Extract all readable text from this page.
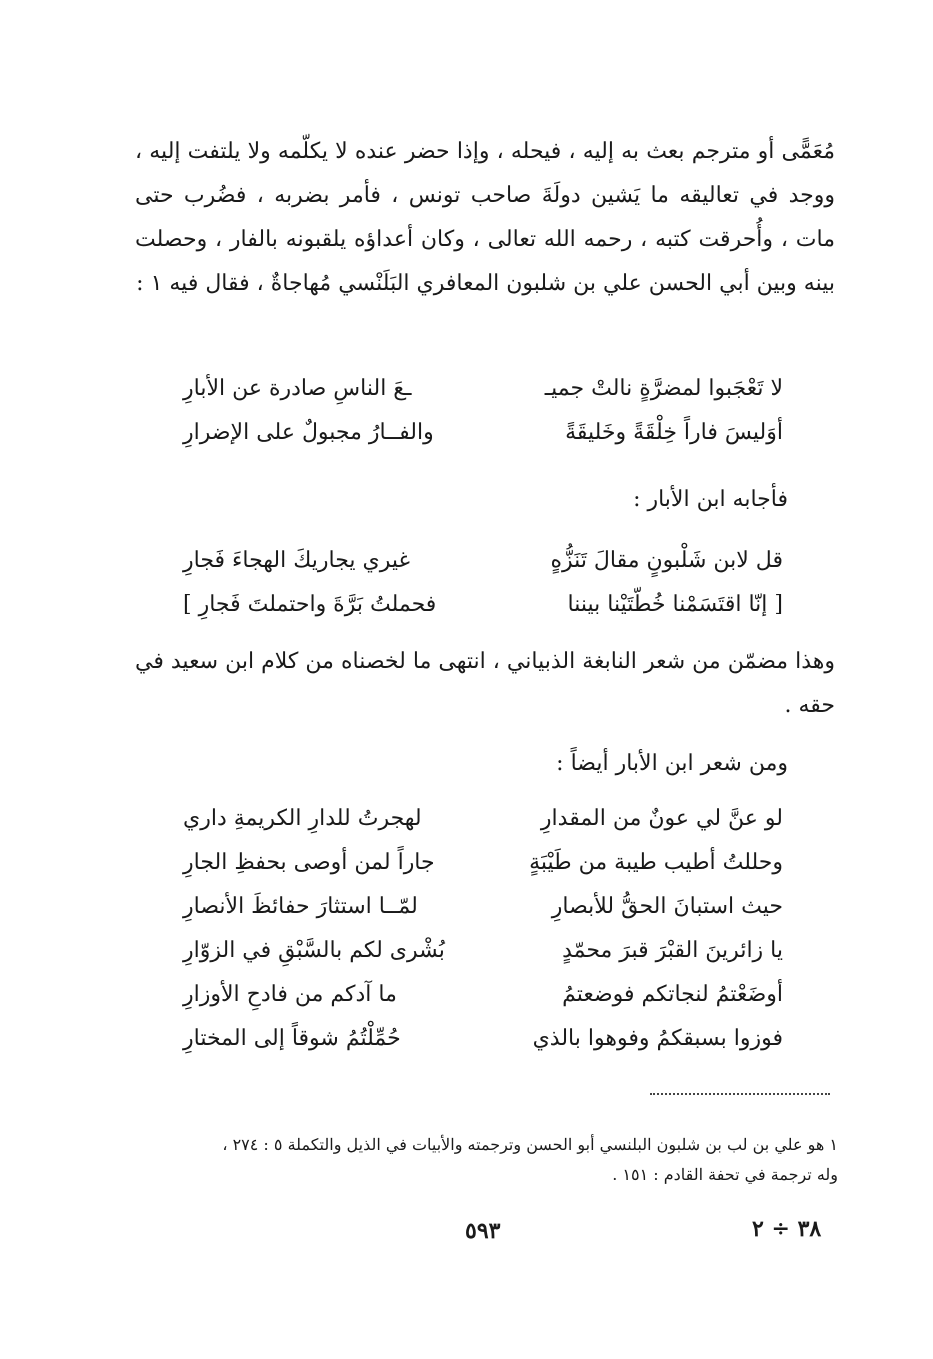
مُعَمًّى أو مترجم بعث به إليه ، فيحله ، وإذا حضر عنده لا يكلّمه ولا يلتفت إليه ، ووجد في تعاليقه ما يَشين دولَةَ صاحب تونس ، فأمر بضربه ، فضُرب حتى مات ، وأُحرقت كتبه ، رحمه الله تعالى ، وكان أعداؤه يلقبونه بالفار ، وحصلت بينه وبين أبي الحسن علي بن شلبون المعافري البَلَنْسي مُهاجاةٌ ، فقال فيه ١ :

لا تَعْجَبوا لمضرَّةٍ نالتْ جميـ
ـعَ الناسِ صادرة عن الأبارِ
أوَليسَ فاراً خِلْقَةً وخَليقَةً
والفــارُ مجبولٌ على الإضرارِ
فأجابه ابن الأبار :
قل لابن شَلْبونٍ مقالَ تَنَزُّهٍ
غيري يجاريكَ الهجاءَ فَجارِ
[ إنّا اقتَسَمْنا خُطّتَيْنا بيننا
فحملتُ بَرَّةَ واحتملتَ فَجارِ ]

وهذا مضمّن من شعر النابغة الذبياني ، انتهى ما لخصناه من كلام ابن سعيد في حقه .

ومن شعر ابن الأبار أيضاً :
لو عنَّ لي عونٌ من المقدارِ
لهجرتُ للدارِ الكريمةِ داري
وحللتُ أطيب طيبة من طَيْبَةٍ
جاراً لمن أوصى بحفظِ الجارِ
حيث استبانَ الحقُّ للأبصارِ
لمّــا استثارَ حفائظَ الأنصارِ
يا زائرينَ القبْرَ قبرَ محمّدٍ
بُشْرى لكم بالسَّبْقِ في الزوّارِ
أوضَعْتمُ لنجاتكم فوضعتمُ
ما آدكم من فادحِ الأوزارِ
فوزوا بسبقكمُ وفوهوا بالذي
حُمِّلْتُمُ شوقاً إلى المختارِ
١ هو علي بن لب بن شلبون البلنسي أبو الحسن وترجمته والأبيات في الذيل والتكملة ٥ : ٢٧٤ ،
وله ترجمة في تحفة القادم : ١٥١ .
٥٩٣	٣٨ ÷ ٢
